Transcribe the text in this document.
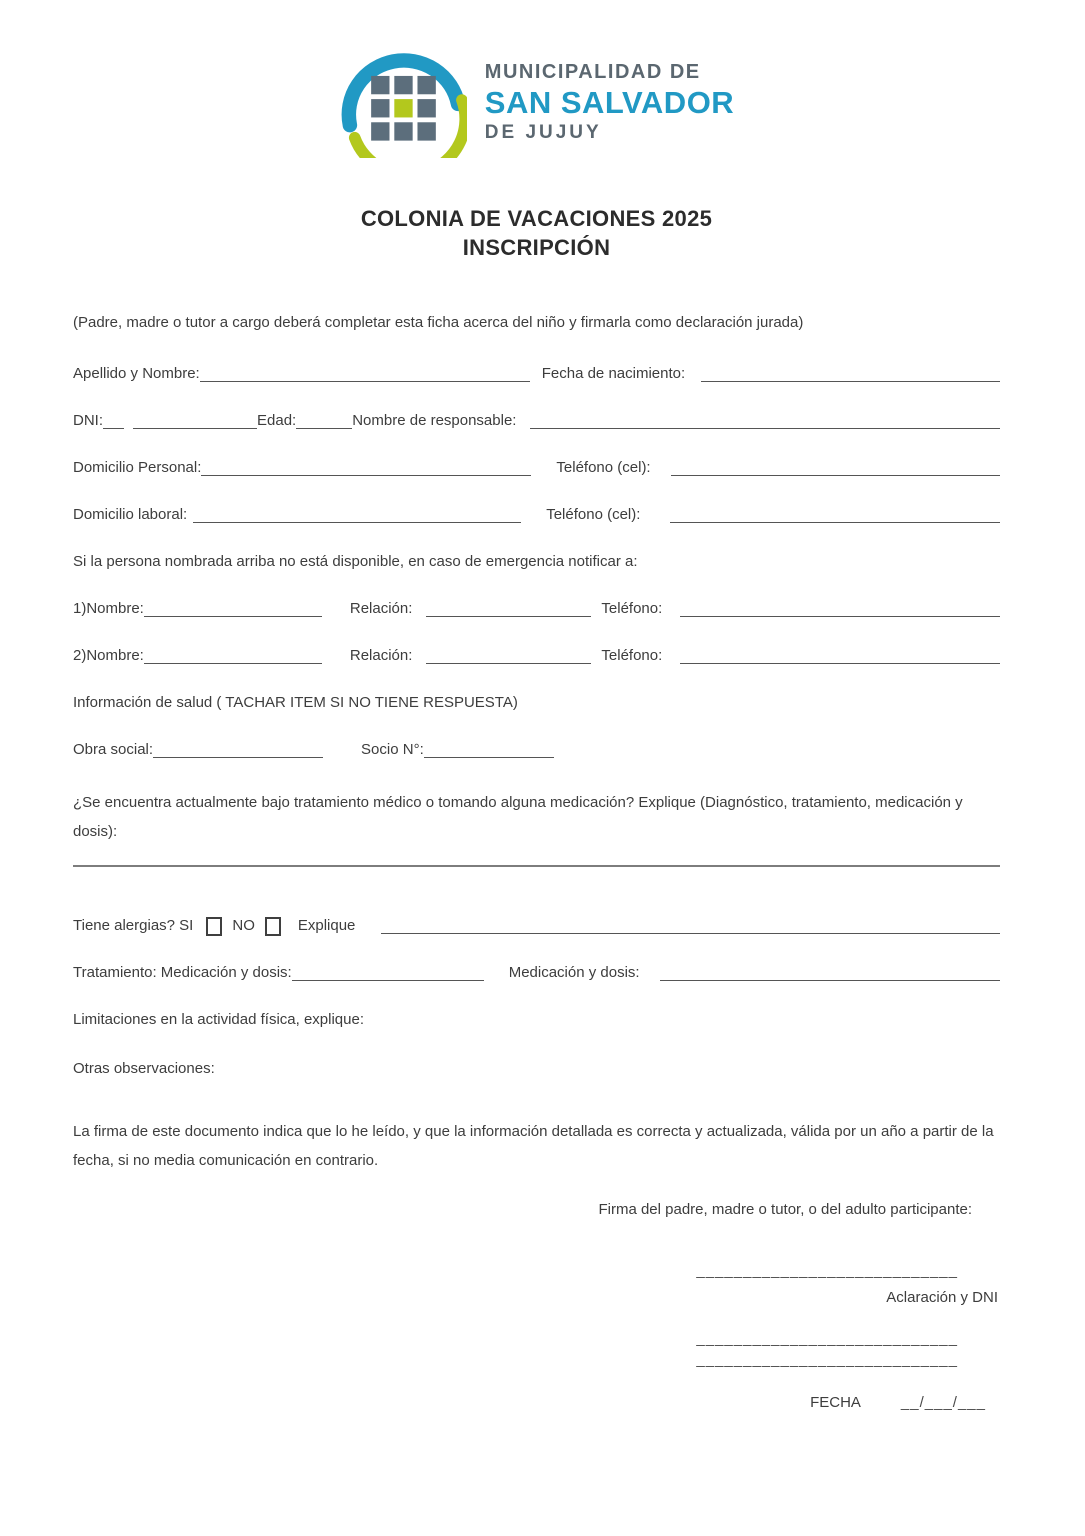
MUNICIPALIDAD DE
SAN SALVADOR
DE JUJUY
COLONIA DE VACACIONES 2025
INSCRIPCIÓN
(Padre, madre o tutor a cargo deberá completar esta ficha acerca del niño y firmarla como declaración jurada)
Apellido y Nombre:	Fecha de nacimiento:
DNI:	Edad:	Nombre de responsable:
Domicilio Personal:	Teléfono (cel):
Domicilio laboral:	Teléfono (cel):
Si la persona nombrada arriba no está disponible, en caso de emergencia notificar a:
1)Nombre:	Relación:	Teléfono:
2)Nombre:	Relación:	Teléfono:
Información de salud ( TACHAR ITEM SI NO TIENE RESPUESTA)
Obra social:	Socio N°:
¿Se encuentra actualmente bajo tratamiento médico o tomando alguna medicación? Explique (Diagnóstico, tratamiento, medicación y dosis):
Tiene alergias? SI	NO	Explique
Tratamiento: Medicación y dosis:	Medicación y dosis:
Limitaciones en la actividad física, explique:
Otras observaciones:
La firma de este documento indica que lo he leído, y que la información detallada es correcta y actualizada, válida por un año a partir de la fecha, si no media comunicación en contrario.
Firma del padre, madre o tutor, o del adulto participante:
____________________________
Aclaración y DNI
____________________________
____________________________
FECHA	__/___/___
